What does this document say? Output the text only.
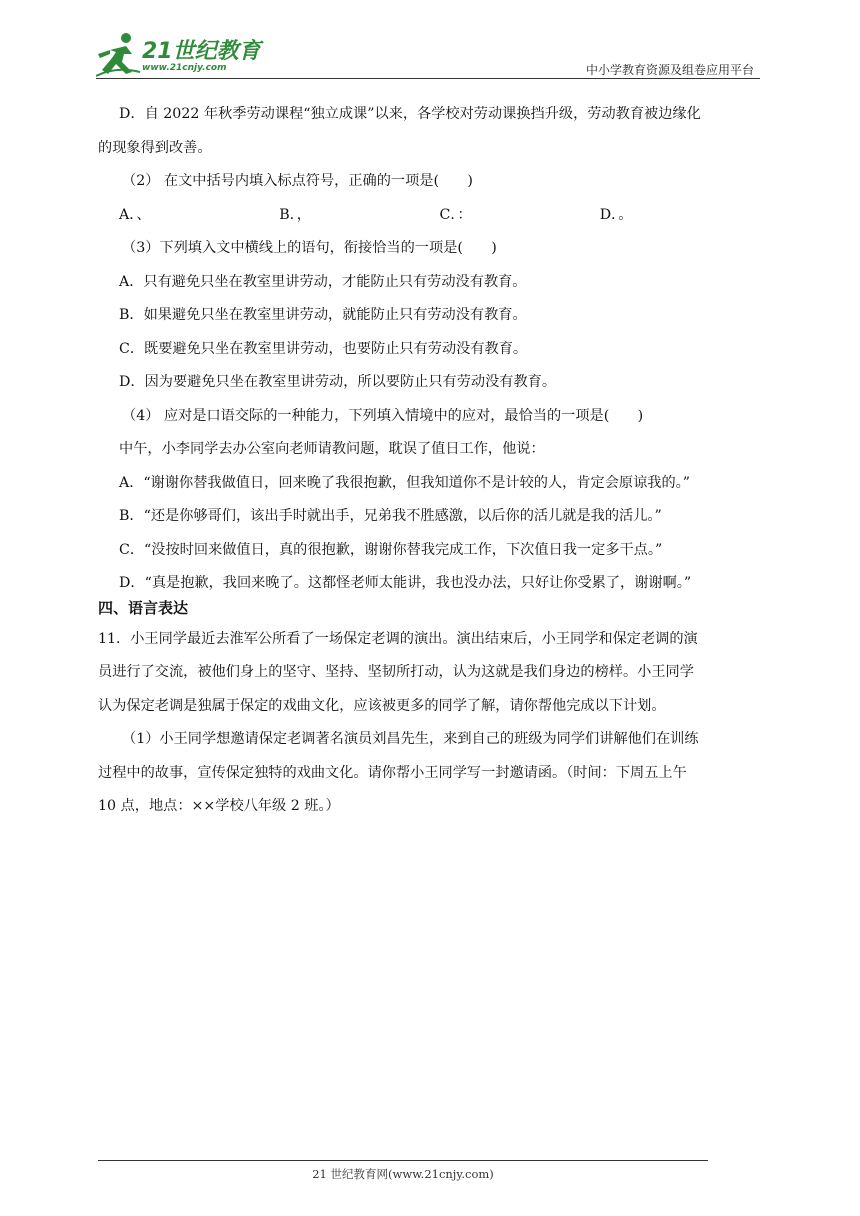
21世纪教育
www.21cnjy.com	中小学教育资源及组卷应用平台
D．自 2022 年秋季劳动课程“独立成课”以来，各学校对劳动课换挡升级，劳动教育被边缘化
的现象得到改善。
（2） 在文中括号内填入标点符号，正确的一项是(　　)
A．、	B．，	C．：	D．。
（3）下列填入文中横线上的语句，衔接恰当的一项是(　　)
A．只有避免只坐在教室里讲劳动，才能防止只有劳动没有教育。
B．如果避免只坐在教室里讲劳动，就能防止只有劳动没有教育。
C．既要避免只坐在教室里讲劳动，也要防止只有劳动没有教育。
D．因为要避免只坐在教室里讲劳动，所以要防止只有劳动没有教育。
（4） 应对是口语交际的一种能力，下列填入情境中的应对，最恰当的一项是(　　)
中午，小李同学去办公室向老师请教问题，耽误了值日工作，他说：
A．“谢谢你替我做值日，回来晚了我很抱歉，但我知道你不是计较的人，肯定会原谅我的。”
B．“还是你够哥们，该出手时就出手，兄弟我不胜感激，以后你的活儿就是我的活儿。”
C．“没按时回来做值日，真的很抱歉，谢谢你替我完成工作，下次值日我一定多干点。”
D．“真是抱歉，我回来晚了。这都怪老师太能讲，我也没办法，只好让你受累了，谢谢啊。”
四、语言表达
11．小王同学最近去淮军公所看了一场保定老调的演出。演出结束后，小王同学和保定老调的演
员进行了交流，被他们身上的坚守、坚持、坚韧所打动，认为这就是我们身边的榜样。小王同学
认为保定老调是独属于保定的戏曲文化，应该被更多的同学了解，请你帮他完成以下计划。
（1）小王同学想邀请保定老调著名演员刘昌先生，来到自己的班级为同学们讲解他们在训练
过程中的故事，宣传保定独特的戏曲文化。请你帮小王同学写一封邀请函。（时间：下周五上午
10 点，地点：××学校八年级 2 班。）
21 世纪教育网(www.21cnjy.com)
